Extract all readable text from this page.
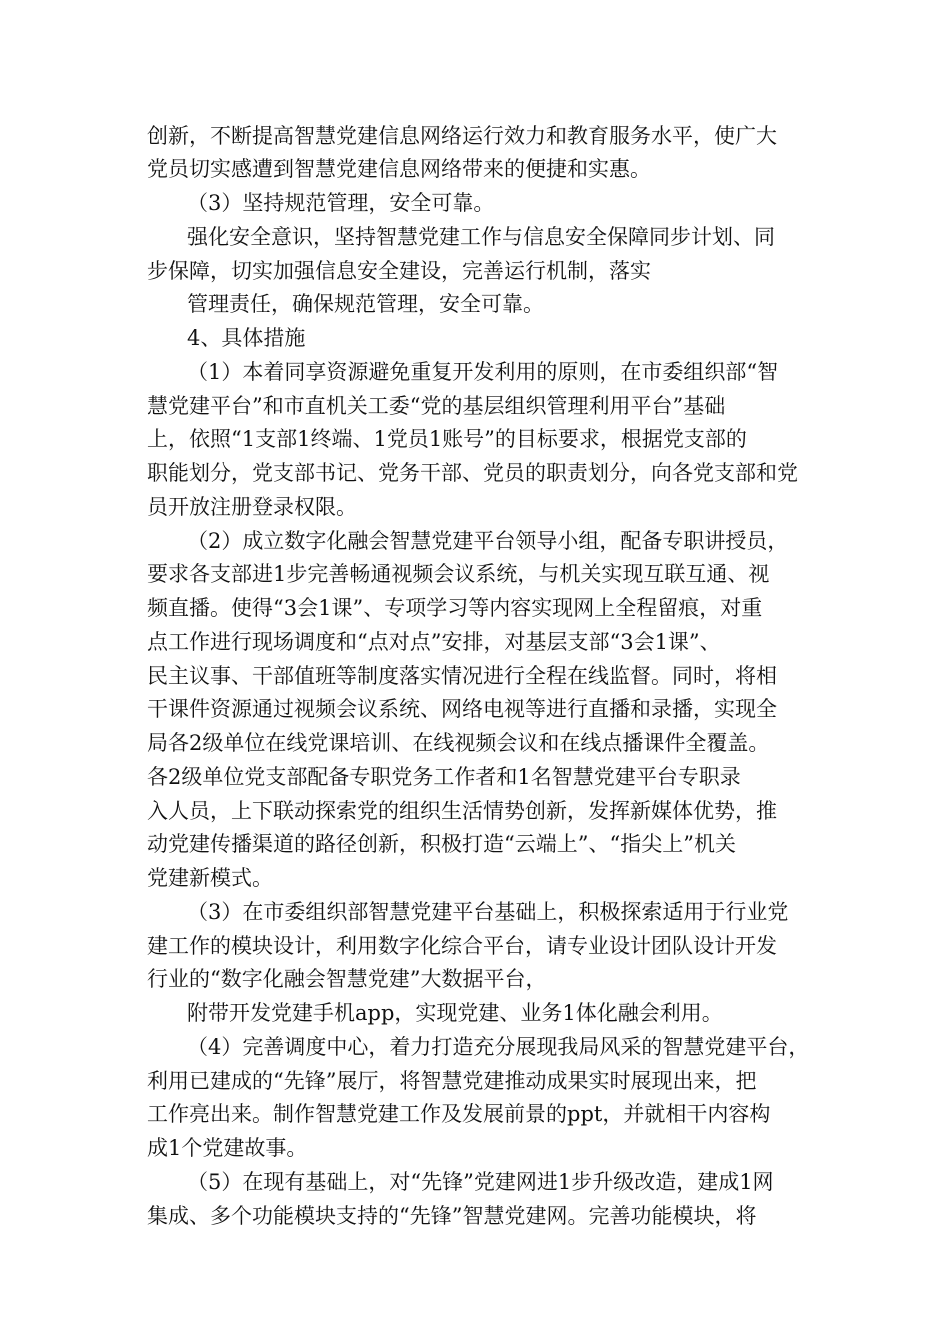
创新，不断提高智慧党建信息网络运行效力和教育服务水平，使广大
党员切实感遭到智慧党建信息网络带来的便捷和实惠。
（3）坚持规范管理，安全可靠。
强化安全意识，坚持智慧党建工作与信息安全保障同步计划、同
步保障，切实加强信息安全建设，完善运行机制，落实
管理责任，确保规范管理，安全可靠。
4、具体措施
（1）本着同享资源避免重复开发利用的原则，在市委组织部“智
慧党建平台”和市直机关工委“党的基层组织管理利用平台”基础
上，依照“1支部1终端、1党员1账号”的目标要求，根据党支部的
职能划分，党支部书记、党务干部、党员的职责划分，向各党支部和党
员开放注册登录权限。
（2）成立数字化融会智慧党建平台领导小组，配备专职讲授员，
要求各支部进1步完善畅通视频会议系统，与机关实现互联互通、视
频直播。使得“3会1课”、专项学习等内容实现网上全程留痕，对重
点工作进行现场调度和“点对点”安排，对基层支部“3会1课”、
民主议事、干部值班等制度落实情况进行全程在线监督。同时，将相
干课件资源通过视频会议系统、网络电视等进行直播和录播，实现全
局各2级单位在线党课培训、在线视频会议和在线点播课件全覆盖。
各2级单位党支部配备专职党务工作者和1名智慧党建平台专职录
入人员，上下联动探索党的组织生活情势创新，发挥新媒体优势，推
动党建传播渠道的路径创新，积极打造“云端上”、“指尖上”机关
党建新模式。
（3）在市委组织部智慧党建平台基础上，积极探索适用于行业党
建工作的模块设计，利用数字化综合平台，请专业设计团队设计开发
行业的“数字化融会智慧党建”大数据平台，
附带开发党建手机app，实现党建、业务1体化融会利用。
（4）完善调度中心，着力打造充分展现我局风采的智慧党建平台，
利用已建成的“先锋”展厅，将智慧党建推动成果实时展现出来，把
工作亮出来。制作智慧党建工作及发展前景的ppt，并就相干内容构
成1个党建故事。
（5）在现有基础上，对“先锋”党建网进1步升级改造，建成1网
集成、多个功能模块支持的“先锋”智慧党建网。完善功能模块，将
